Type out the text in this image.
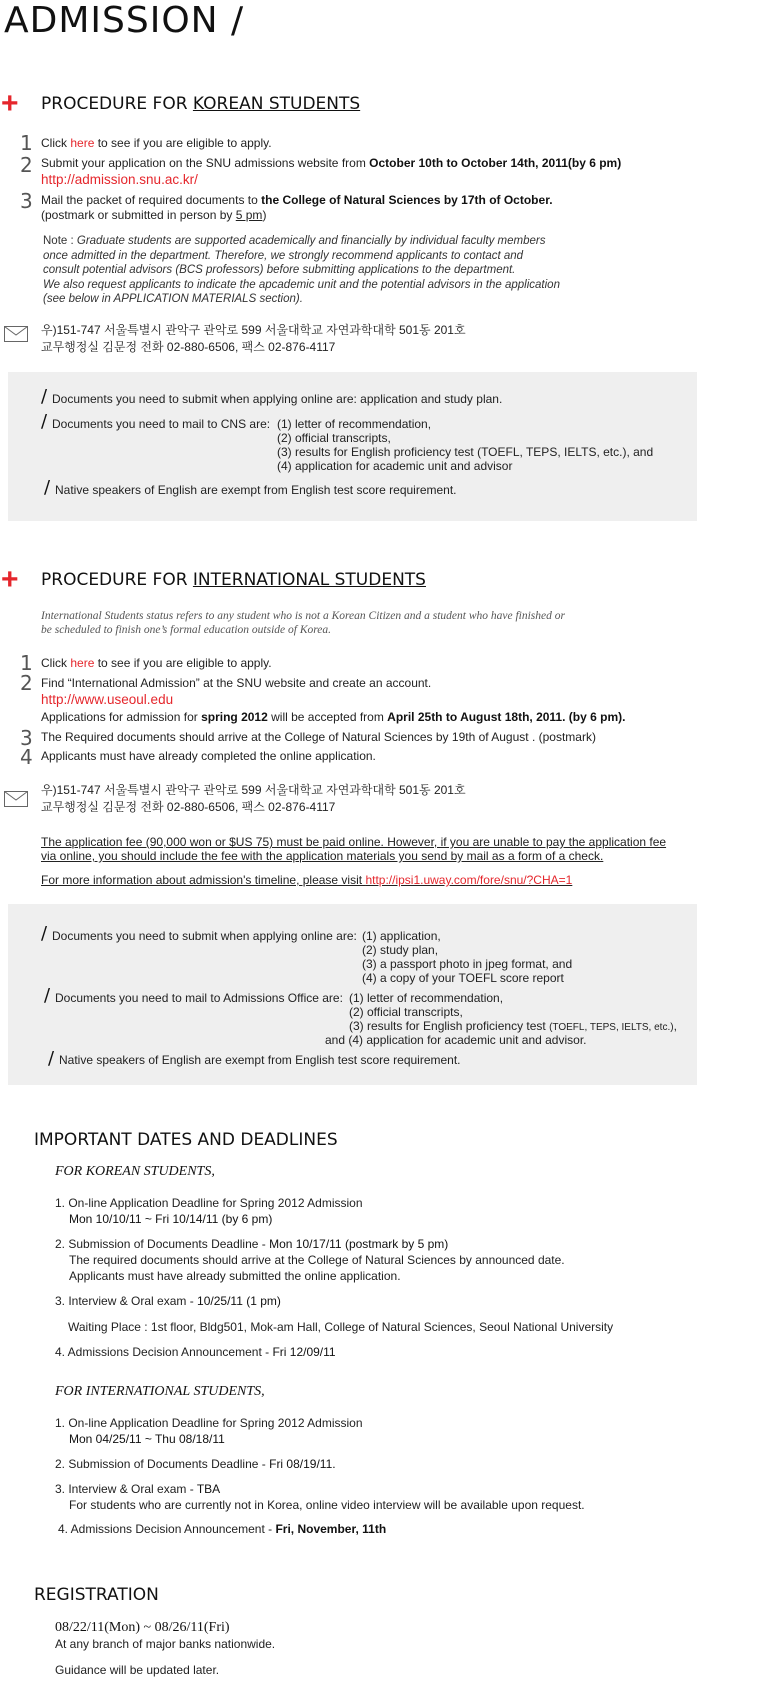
ADMISSION /
+ PROCEDURE FOR KOREAN STUDENTS
1 Click here to see if you are eligible to apply.
2 Submit your application on the SNU admissions website from October 10th to October 14th, 2011(by 6 pm)
http://admission.snu.ac.kr/
3 Mail the packet of required documents to the College of Natural Sciences by 17th of October.
(postmark or submitted in person by 5 pm)
Note : Graduate students are supported academically and financially by individual faculty members
once admitted in the department. Therefore, we strongly recommend applicants to contact and
consult potential advisors (BCS professors) before submitting applications to the department.
We also request applicants to indicate the apcademic unit and the potential advisors in the application
(see below in APPLICATION MATERIALS section).
우)151-747 서울특별시 관악구 관악로 599 서울대학교 자연과학대학 501동 201호
교무행정실 김문정 전화 02-880-6506, 팩스 02-876-4117
/ Documents you need to submit when applying online are: application and study plan.
/ Documents you need to mail to CNS are: (1) letter of recommendation,
(2) official transcripts,
(3) results for English proficiency test (TOEFL, TEPS, IELTS, etc.), and
(4) application for academic unit and advisor
/ Native speakers of English are exempt from English test score requirement.
+ PROCEDURE FOR INTERNATIONAL STUDENTS
International Students status refers to any student who is not a Korean Citizen and a student who have finished or
be scheduled to finish one’s formal education outside of Korea.
1 Click here to see if you are eligible to apply.
2 Find “International Admission” at the SNU website and create an account.
http://www.useoul.edu
Applications for admission for spring 2012 will be accepted from April 25th to August 18th, 2011. (by 6 pm).
3 The Required documents should arrive at the College of Natural Sciences by 19th of August . (postmark)
4 Applicants must have already completed the online application.
우)151-747 서울특별시 관악구 관악로 599 서울대학교 자연과학대학 501동 201호
교무행정실 김문정 전화 02-880-6506, 팩스 02-876-4117
The application fee (90,000 won or $US 75) must be paid online. However, if you are unable to pay the application fee
via online, you should include the fee with the application materials you send by mail as a form of a check.
For more information about admission's timeline, please visit http://ipsi1.uway.com/fore/snu/?CHA=1
/ Documents you need to submit when applying online are: (1) application,
(2) study plan,
(3) a passport photo in jpeg format, and
(4) a copy of your TOEFL score report
/ Documents you need to mail to Admissions Office are: (1) letter of recommendation,
(2) official transcripts,
(3) results for English proficiency test (TOEFL, TEPS, IELTS, etc.),
and (4) application for academic unit and advisor.
/ Native speakers of English are exempt from English test score requirement.
IMPORTANT DATES AND DEADLINES
FOR KOREAN STUDENTS,
1. On-line Application Deadline for Spring 2012 Admission
Mon 10/10/11 ~ Fri 10/14/11 (by 6 pm)
2. Submission of Documents Deadline - Mon 10/17/11 (postmark by 5 pm)
The required documents should arrive at the College of Natural Sciences by announced date.
Applicants must have already submitted the online application.
3. Interview & Oral exam - 10/25/11 (1 pm)
Waiting Place : 1st floor, Bldg501, Mok-am Hall, College of Natural Sciences, Seoul National University
4. Admissions Decision Announcement - Fri 12/09/11
FOR INTERNATIONAL STUDENTS,
1. On-line Application Deadline for Spring 2012 Admission
Mon 04/25/11 ~ Thu 08/18/11
2. Submission of Documents Deadline - Fri 08/19/11.
3. Interview & Oral exam - TBA
For students who are currently not in Korea, online video interview will be available upon request.
4. Admissions Decision Announcement - Fri, November, 11th
REGISTRATION
08/22/11(Mon) ~ 08/26/11(Fri)
At any branch of major banks nationwide.
Guidance will be updated later.
